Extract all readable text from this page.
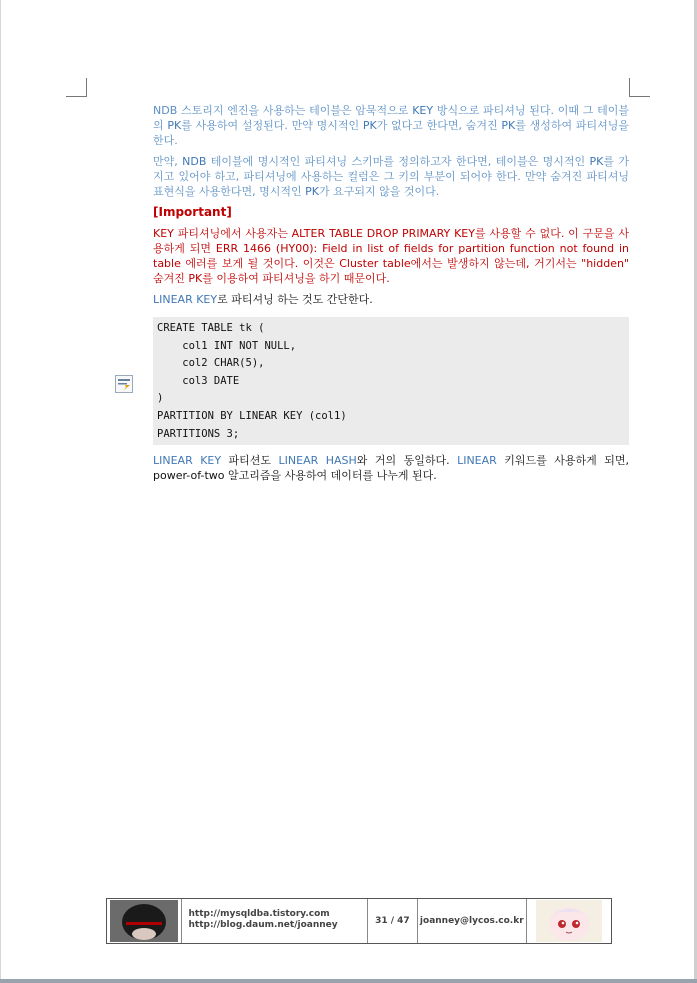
NDB 스토리지 엔진을 사용하는 테이블은 암묵적으로 KEY 방식으로 파티셔닝 된다. 이때 그 테이블의 PK를 사용하여 설정된다. 만약 명시적인 PK가 없다고 한다면, 숨겨진 PK를 생성하여 파티셔닝을 한다.

만약, NDB 테이블에 명시적인 파티셔닝 스키마를 정의하고자 한다면, 테이블은 명시적인 PK를 가지고 있어야 하고, 파티셔닝에 사용하는 컬럼은 그 키의 부분이 되어야 한다. 만약 숨겨진 파티셔닝 표현식을 사용한다면, 명시적인 PK가 요구되지 않을 것이다.

[Important]

KEY 파티셔닝에서 사용자는 ALTER TABLE DROP PRIMARY KEY를 사용할 수 없다. 이 구문을 사용하게 되면 ERR 1466 (HY00): Field in list of fields for partition function not found in table 에러를 보게 될 것이다. 이것은 Cluster table에서는 발생하지 않는데, 거기서는 "hidden" 숨겨진 PK를 이용하여 파티셔닝을 하기 때문이다.

LINEAR KEY로 파티셔닝 하는 것도 간단한다.

CREATE TABLE tk (
col1 INT NOT NULL,
col2 CHAR(5),
col3 DATE
)
PARTITION BY LINEAR KEY (col1)
PARTITIONS 3;

LINEAR KEY 파티션도 LINEAR HASH와 거의 동일하다. LINEAR 키워드를 사용하게 되면, power-of-two 알고리즘을 사용하여 데이터를 나누게 된다.

http://mysqldba.tistory.com
http://blog.daum.net/joanney	31 / 47 joanney@lycos.co.kr
